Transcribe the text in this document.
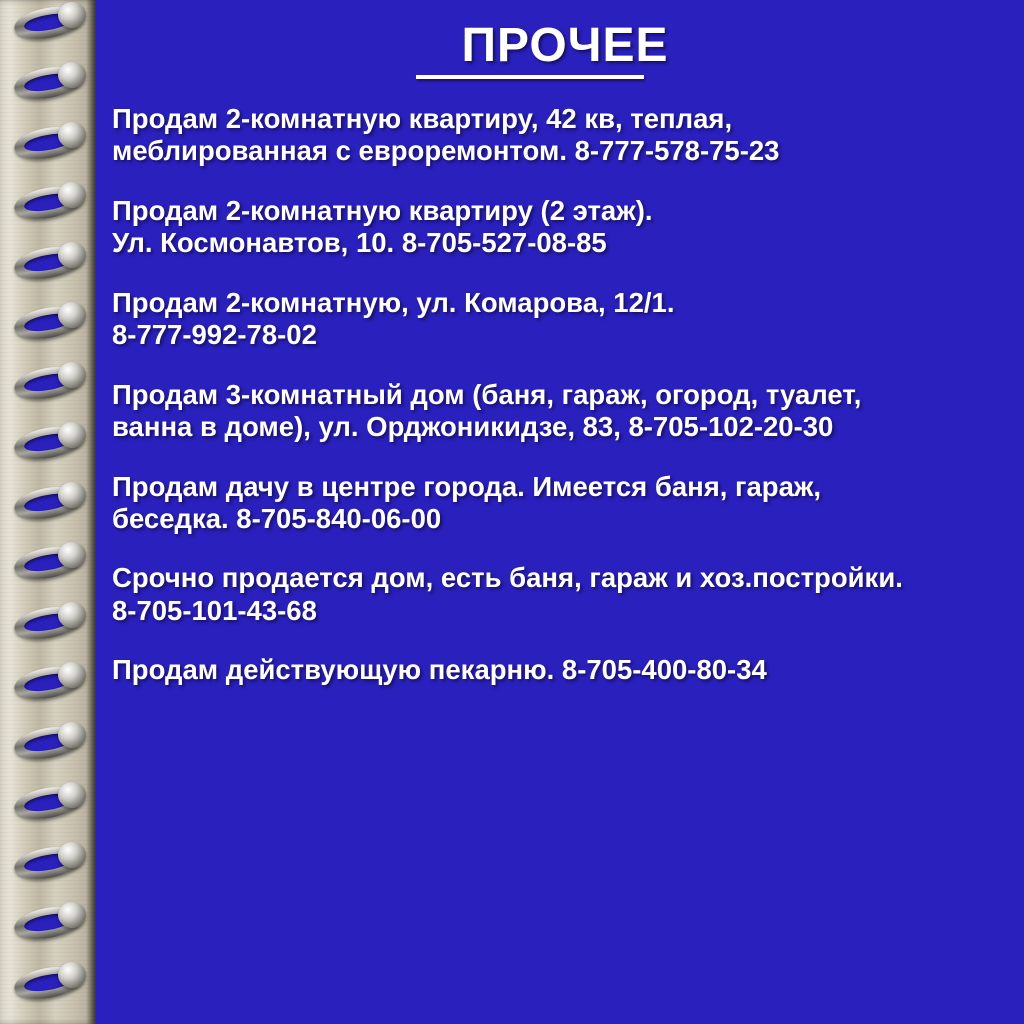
ПРОЧЕЕ
Продам 2-комнатную квартиру, 42 кв, теплая,
меблированная с евроремонтом. 8-777-578-75-23
Продам 2-комнатную квартиру (2 этаж).
Ул. Космонавтов, 10. 8-705-527-08-85
Продам 2-комнатную, ул. Комарова, 12/1.
8-777-992-78-02
Продам 3-комнатный дом (баня, гараж, огород, туалет,
ванна в доме), ул. Орджоникидзе, 83, 8-705-102-20-30
Продам дачу в центре города. Имеется баня, гараж,
беседка. 8-705-840-06-00
Срочно продается дом, есть баня, гараж и хоз.постройки.
8-705-101-43-68
Продам действующую пекарню. 8-705-400-80-34
